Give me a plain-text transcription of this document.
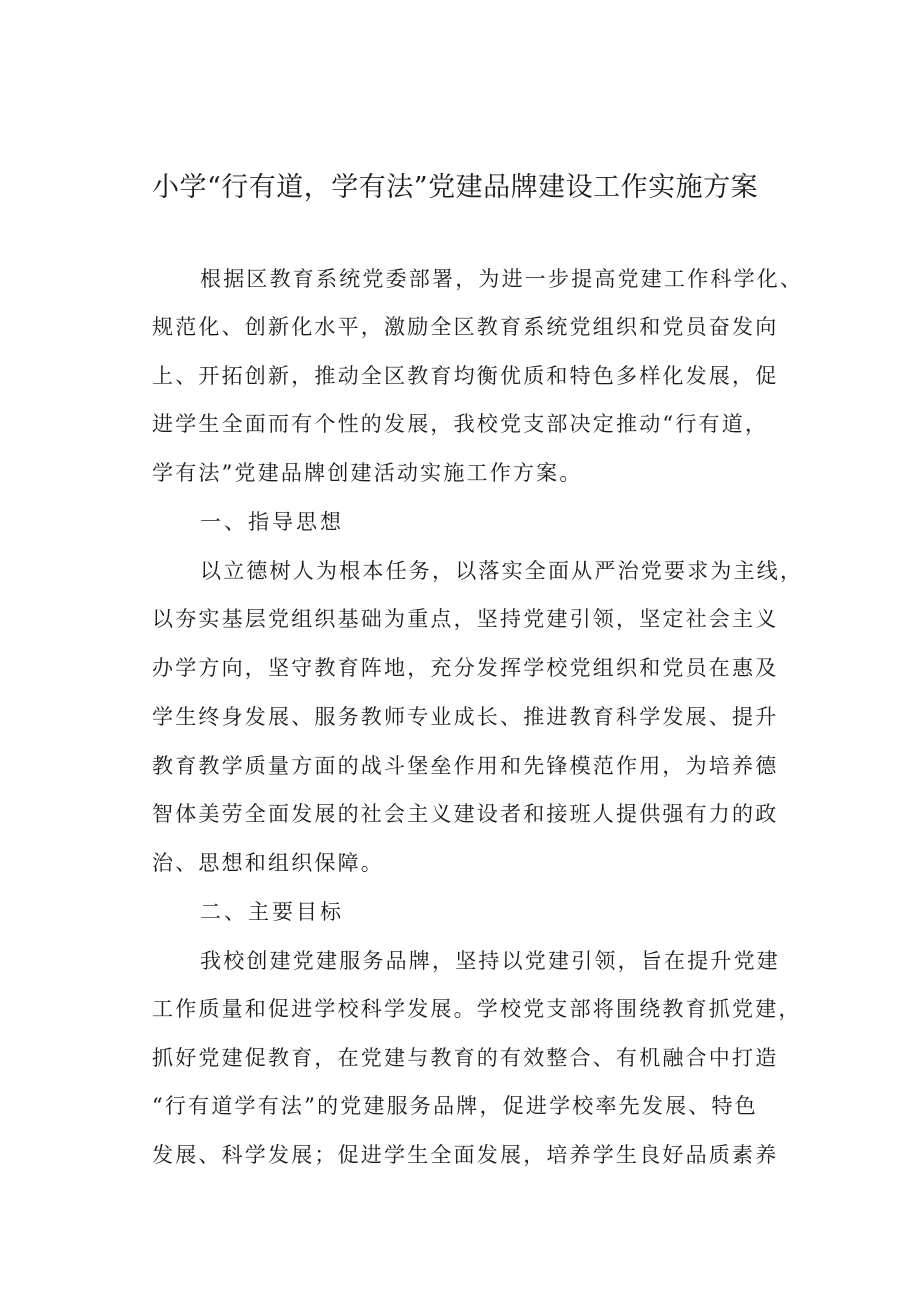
小学“行有道，学有法”党建品牌建设工作实施方案
根据区教育系统党委部署，为进一步提高党建工作科学化、
规范化、创新化水平，激励全区教育系统党组织和党员奋发向
上、开拓创新，推动全区教育均衡优质和特色多样化发展，促
进学生全面而有个性的发展，我校党支部决定推动“行有道，
学有法”党建品牌创建活动实施工作方案。
一、指导思想
以立德树人为根本任务，以落实全面从严治党要求为主线，
以夯实基层党组织基础为重点，坚持党建引领，坚定社会主义
办学方向，坚守教育阵地，充分发挥学校党组织和党员在惠及
学生终身发展、服务教师专业成长、推进教育科学发展、提升
教育教学质量方面的战斗堡垒作用和先锋模范作用，为培养德
智体美劳全面发展的社会主义建设者和接班人提供强有力的政
治、思想和组织保障。
二、主要目标
我校创建党建服务品牌，坚持以党建引领，旨在提升党建
工作质量和促进学校科学发展。学校党支部将围绕教育抓党建，
抓好党建促教育，在党建与教育的有效整合、有机融合中打造
“行有道学有法”的党建服务品牌，促进学校率先发展、特色
发展、科学发展；促进学生全面发展，培养学生良好品质素养
